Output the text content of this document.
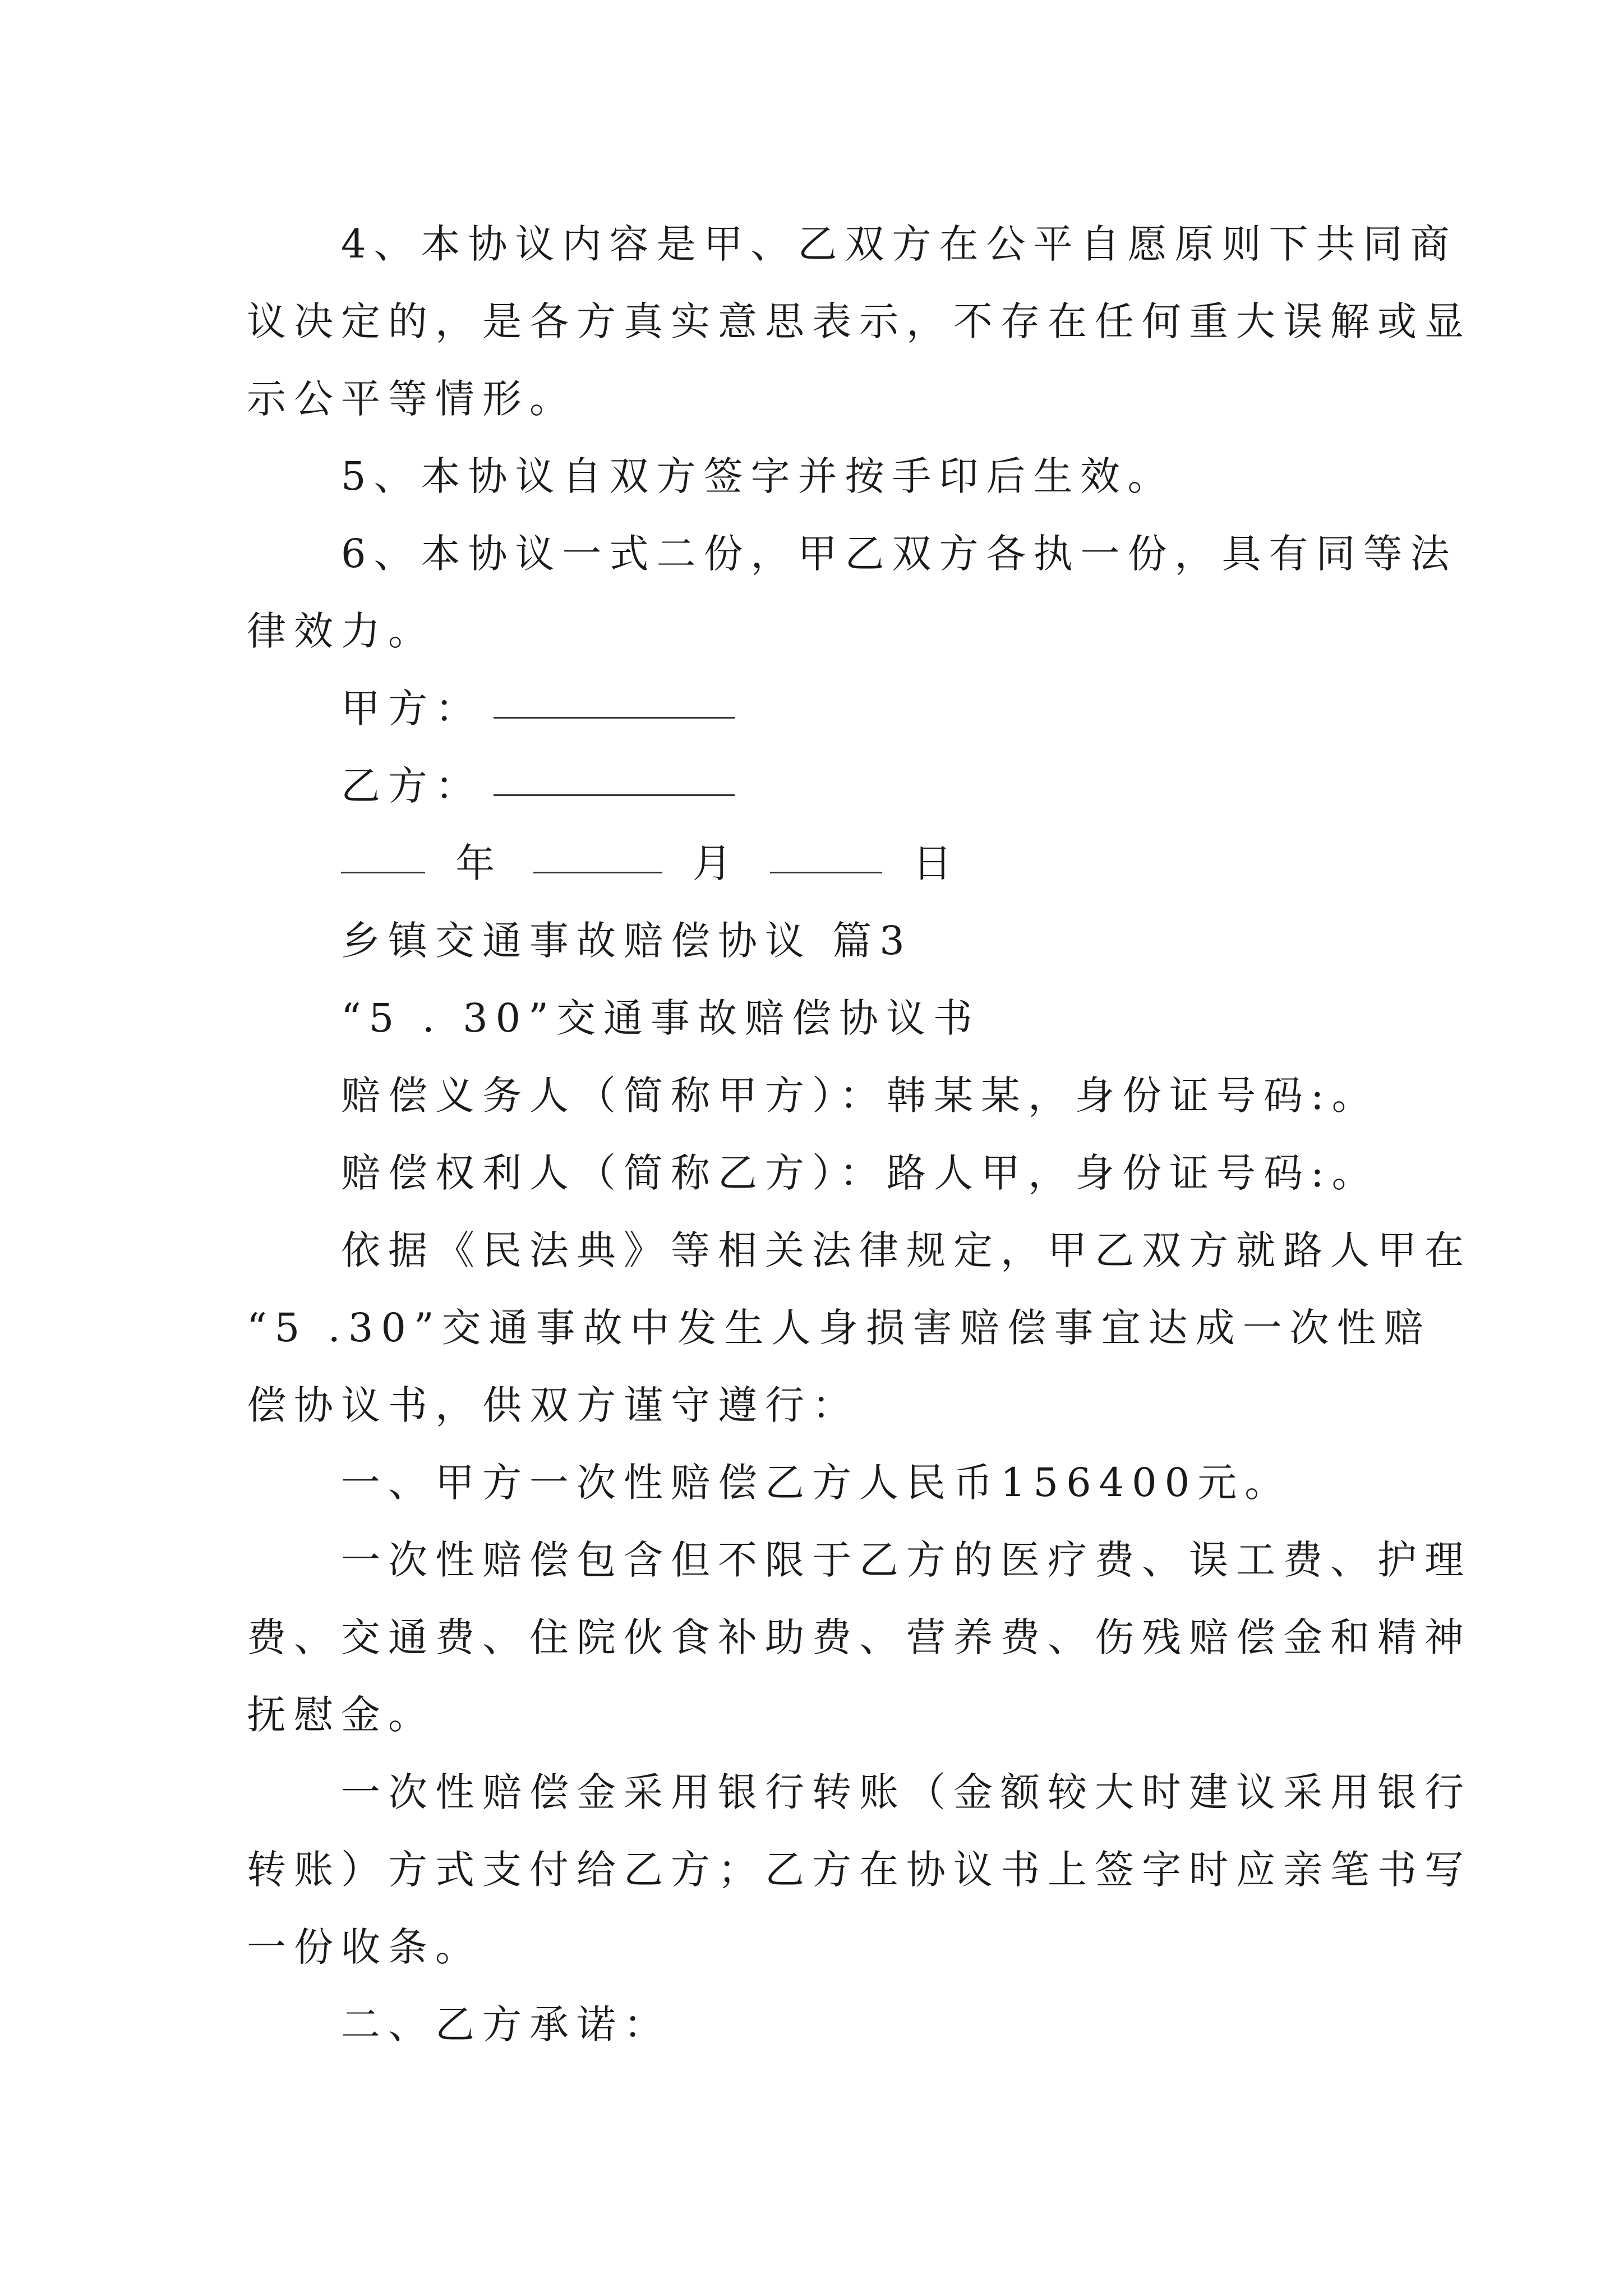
4、本协议内容是甲、乙双方在公平自愿原则下共同商
议决定的，是各方真实意思表示，不存在任何重大误解或显
示公平等情形。
5、本协议自双方签字并按手印后生效。
6、本协议一式二份，甲乙双方各执一份，具有同等法
律效力。
甲方：
乙方：
年	月	日
乡镇交通事故赔偿协议 篇3
“5 . 30”交通事故赔偿协议书
赔偿义务人（简称甲方）：韩某某，身份证号码:。
赔偿权利人（简称乙方）：路人甲，身份证号码:。
依据《民法典》等相关法律规定，甲乙双方就路人甲在
“5 .30”交通事故中发生人身损害赔偿事宜达成一次性赔
偿协议书，供双方谨守遵行：
一、甲方一次性赔偿乙方人民币156400元。
一次性赔偿包含但不限于乙方的医疗费、误工费、护理
费、交通费、住院伙食补助费、营养费、伤残赔偿金和精神
抚慰金。
一次性赔偿金采用银行转账（金额较大时建议采用银行
转账）方式支付给乙方；乙方在协议书上签字时应亲笔书写
一份收条。
二、乙方承诺：
